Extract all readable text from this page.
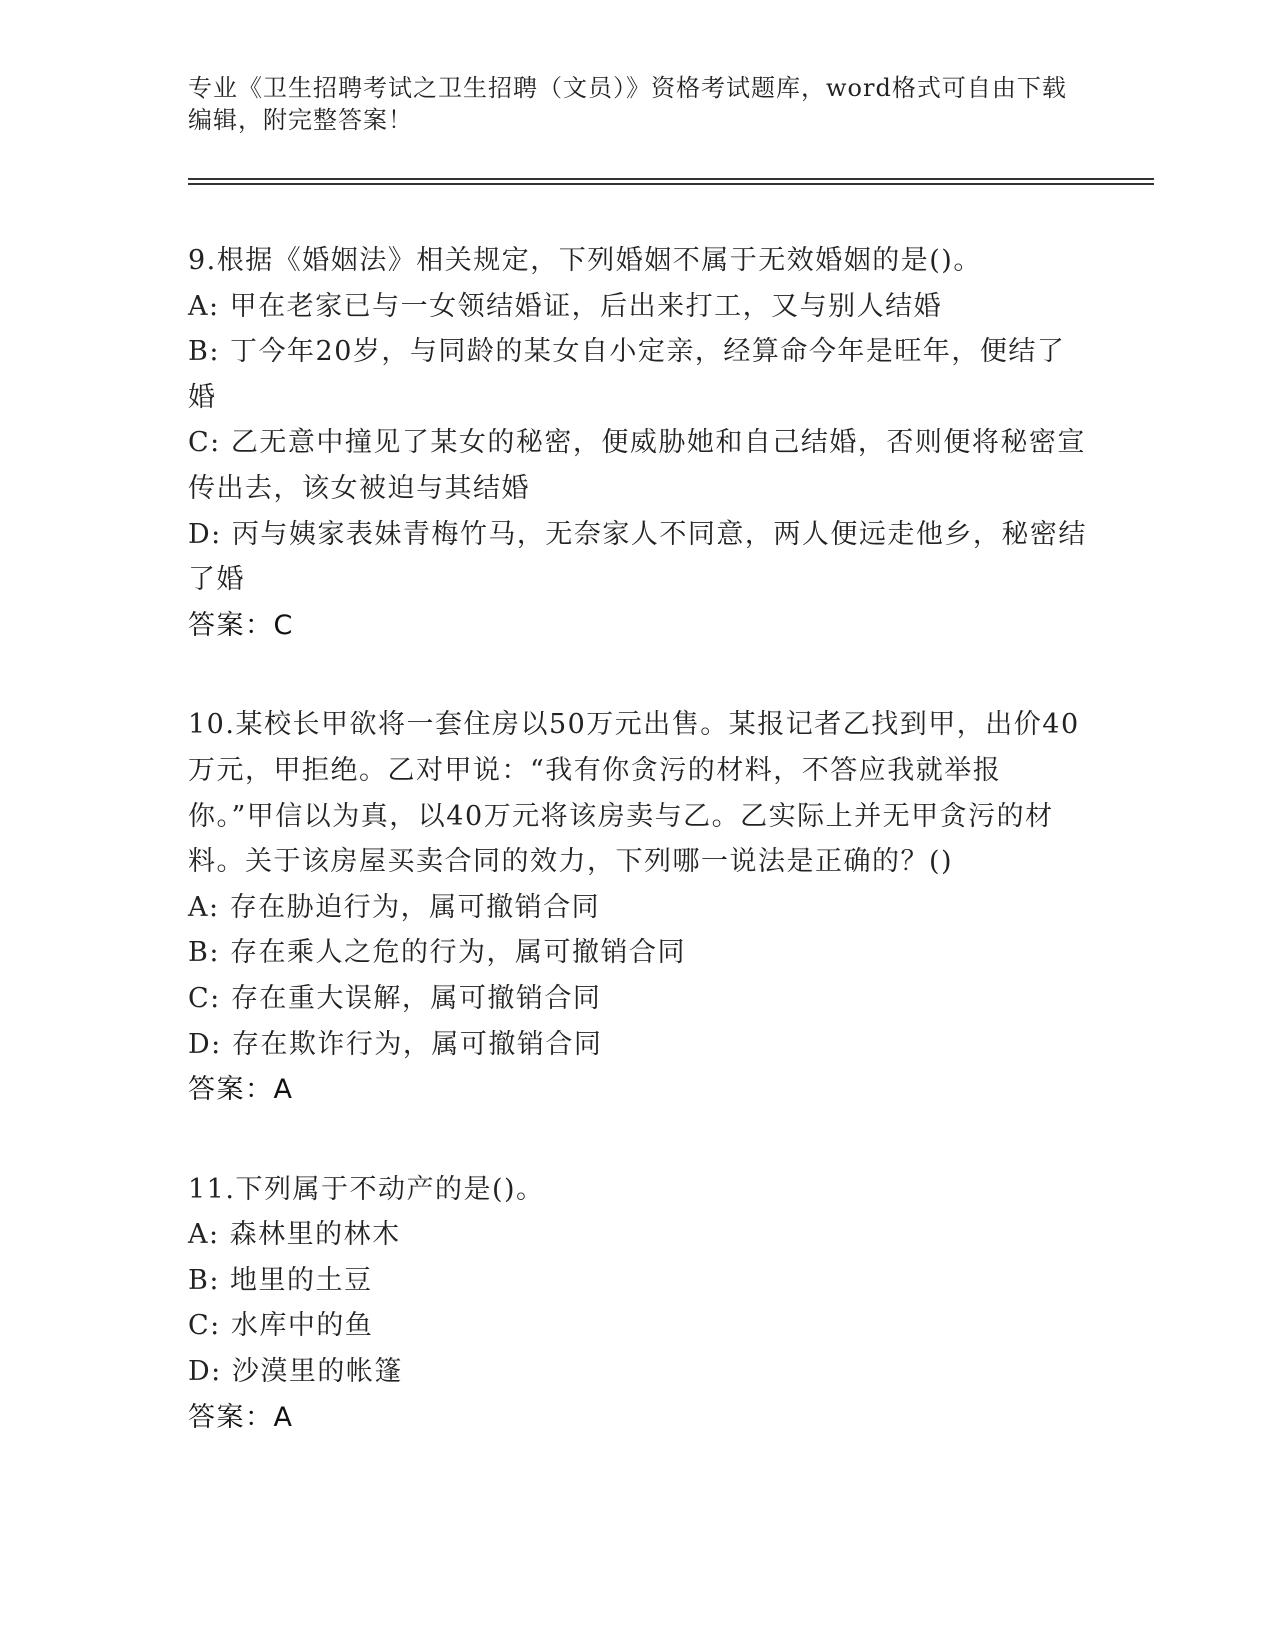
专业《卫生招聘考试之卫生招聘（文员）》资格考试题库，word格式可自由下载编辑，附完整答案！

9.根据《婚姻法》相关规定，下列婚姻不属于无效婚姻的是()。

A: 甲在老家已与一女领结婚证，后出来打工，又与别人结婚

B: 丁今年20岁，与同龄的某女自小定亲，经算命今年是旺年，便结了婚

C: 乙无意中撞见了某女的秘密，便威胁她和自己结婚，否则便将秘密宣传出去，该女被迫与其结婚

D: 丙与姨家表妹青梅竹马，无奈家人不同意，两人便远走他乡，秘密结了婚

答案：C

10.某校长甲欲将一套住房以50万元出售。某报记者乙找到甲，出价40万元，甲拒绝。乙对甲说：“我有你贪污的材料，不答应我就举报你。”甲信以为真，以40万元将该房卖与乙。乙实际上并无甲贪污的材料。关于该房屋买卖合同的效力，下列哪一说法是正确的？()

A: 存在胁迫行为，属可撤销合同

B: 存在乘人之危的行为，属可撤销合同

C: 存在重大误解，属可撤销合同

D: 存在欺诈行为，属可撤销合同

答案：A

11.下列属于不动产的是()。

A: 森林里的林木

B: 地里的土豆

C: 水库中的鱼

D: 沙漠里的帐篷

答案：A
